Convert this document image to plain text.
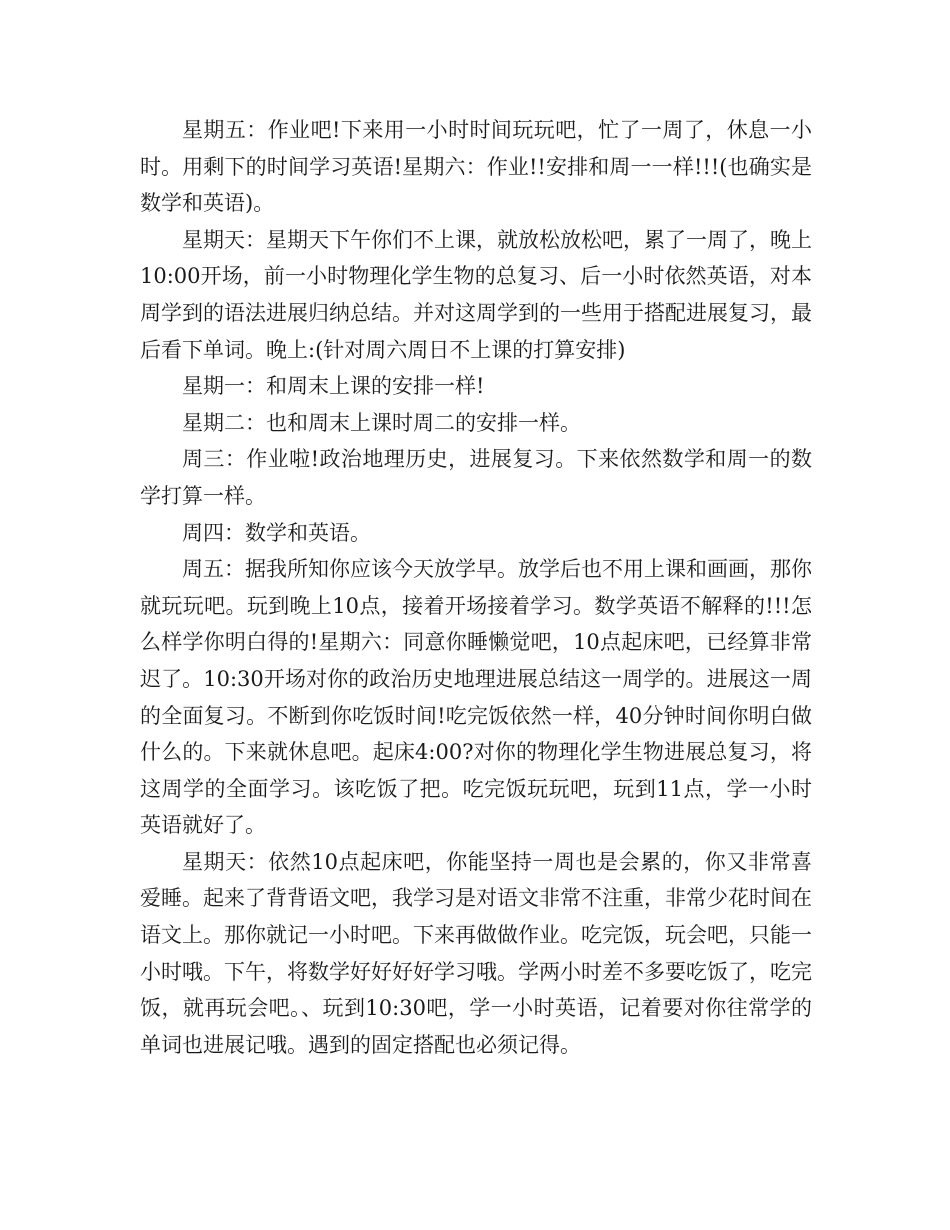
星期五：作业吧!下来用一小时时间玩玩吧，忙了一周了，休息一小时。用剩下的时间学习英语!星期六：作业!!安排和周一一样!!!(也确实是数学和英语)。

星期天：星期天下午你们不上课，就放松放松吧，累了一周了，晚上10:00开场，前一小时物理化学生物的总复习、后一小时依然英语，对本周学到的语法进展归纳总结。并对这周学到的一些用于搭配进展复习，最后看下单词。晚上:(针对周六周日不上课的打算安排)

星期一：和周末上课的安排一样!

星期二：也和周末上课时周二的安排一样。

周三：作业啦!政治地理历史，进展复习。下来依然数学和周一的数学打算一样。

周四：数学和英语。

周五：据我所知你应该今天放学早。放学后也不用上课和画画，那你就玩玩吧。玩到晚上10点，接着开场接着学习。数学英语不解释的!!!怎么样学你明白得的!星期六：同意你睡懒觉吧，10点起床吧，已经算非常迟了。10:30开场对你的政治历史地理进展总结这一周学的。进展这一周的全面复习。不断到你吃饭时间!吃完饭依然一样，40分钟时间你明白做什么的。下来就休息吧。起床4:00?对你的物理化学生物进展总复习，将这周学的全面学习。该吃饭了把。吃完饭玩玩吧，玩到11点，学一小时英语就好了。

星期天：依然10点起床吧，你能坚持一周也是会累的，你又非常喜爱睡。起来了背背语文吧，我学习是对语文非常不注重，非常少花时间在语文上。那你就记一小时吧。下来再做做作业。吃完饭，玩会吧，只能一小时哦。下午，将数学好好好好学习哦。学两小时差不多要吃饭了，吃完饭，就再玩会吧。、玩到10:30吧，学一小时英语，记着要对你往常学的单词也进展记哦。遇到的固定搭配也必须记得。
